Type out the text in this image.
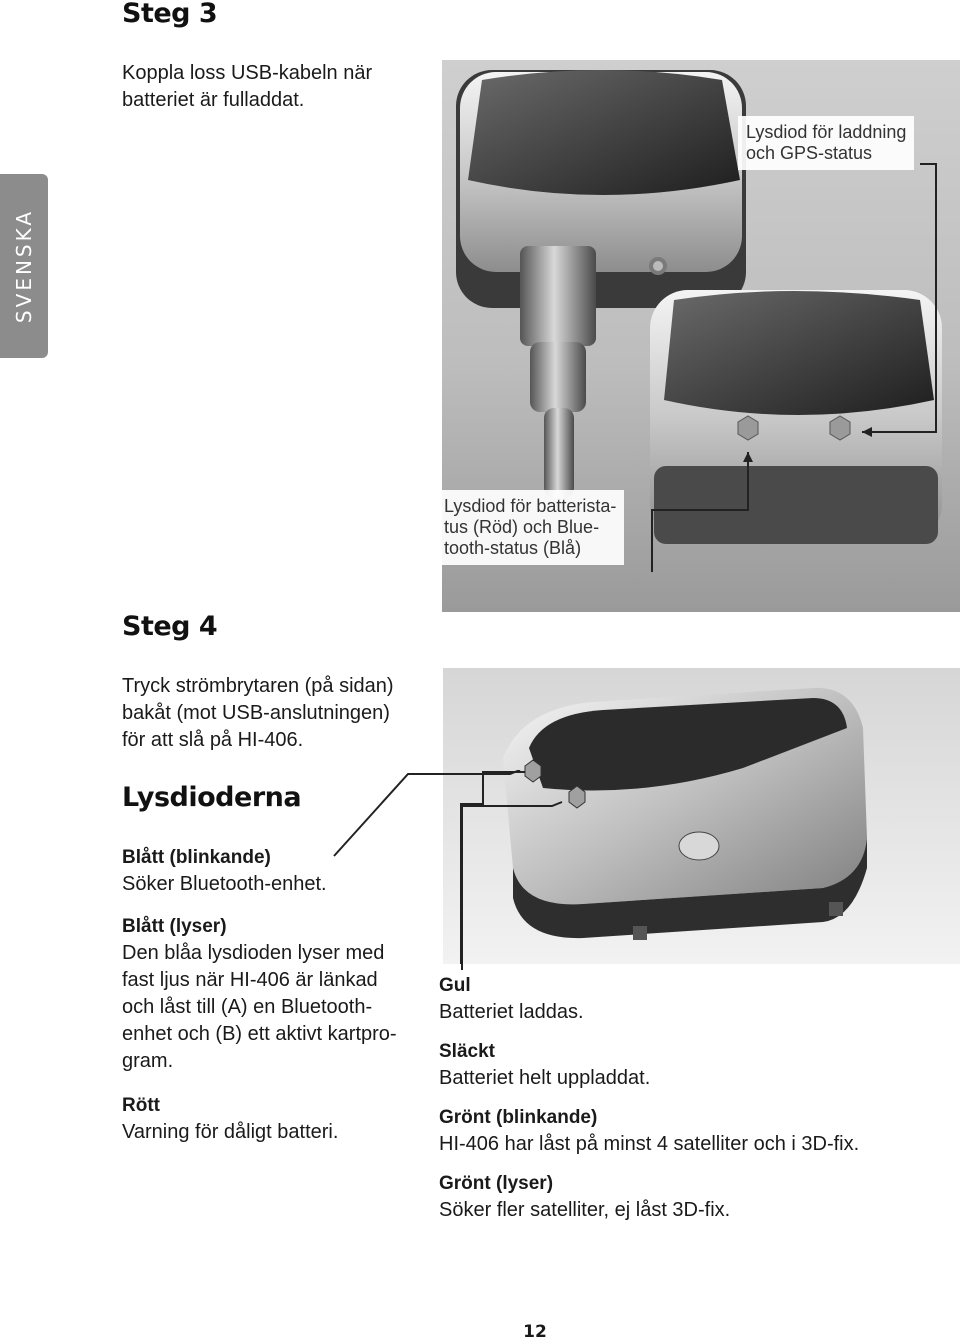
SVENSKA
Steg 3
Koppla loss USB-kabeln när
batteriet är fulladdat.
Lysdiod för laddning
och GPS-status
Lysdiod för batterista-
tus (Röd) och Blue-
tooth-status (Blå)
Steg 4
Tryck strömbrytaren (på sidan)
bakåt (mot USB-anslutningen)
för att slå på HI-406.
Lysdioderna
Blått (blinkande)
Söker Bluetooth-enhet.
Blått (lyser)
Den blåa lysdioden lyser med
fast ljus när HI-406 är länkad
och låst till (A) en Bluetooth-
enhet och (B) ett aktivt kartpro-
gram.
Rött
Varning för dåligt batteri.
Gul
Batteriet laddas.
Släckt
Batteriet helt uppladdat.
Grönt (blinkande)
HI-406 har låst på minst 4 satelliter och i 3D-fix.
Grönt (lyser)
Söker fler satelliter, ej låst 3D-fix.
12
